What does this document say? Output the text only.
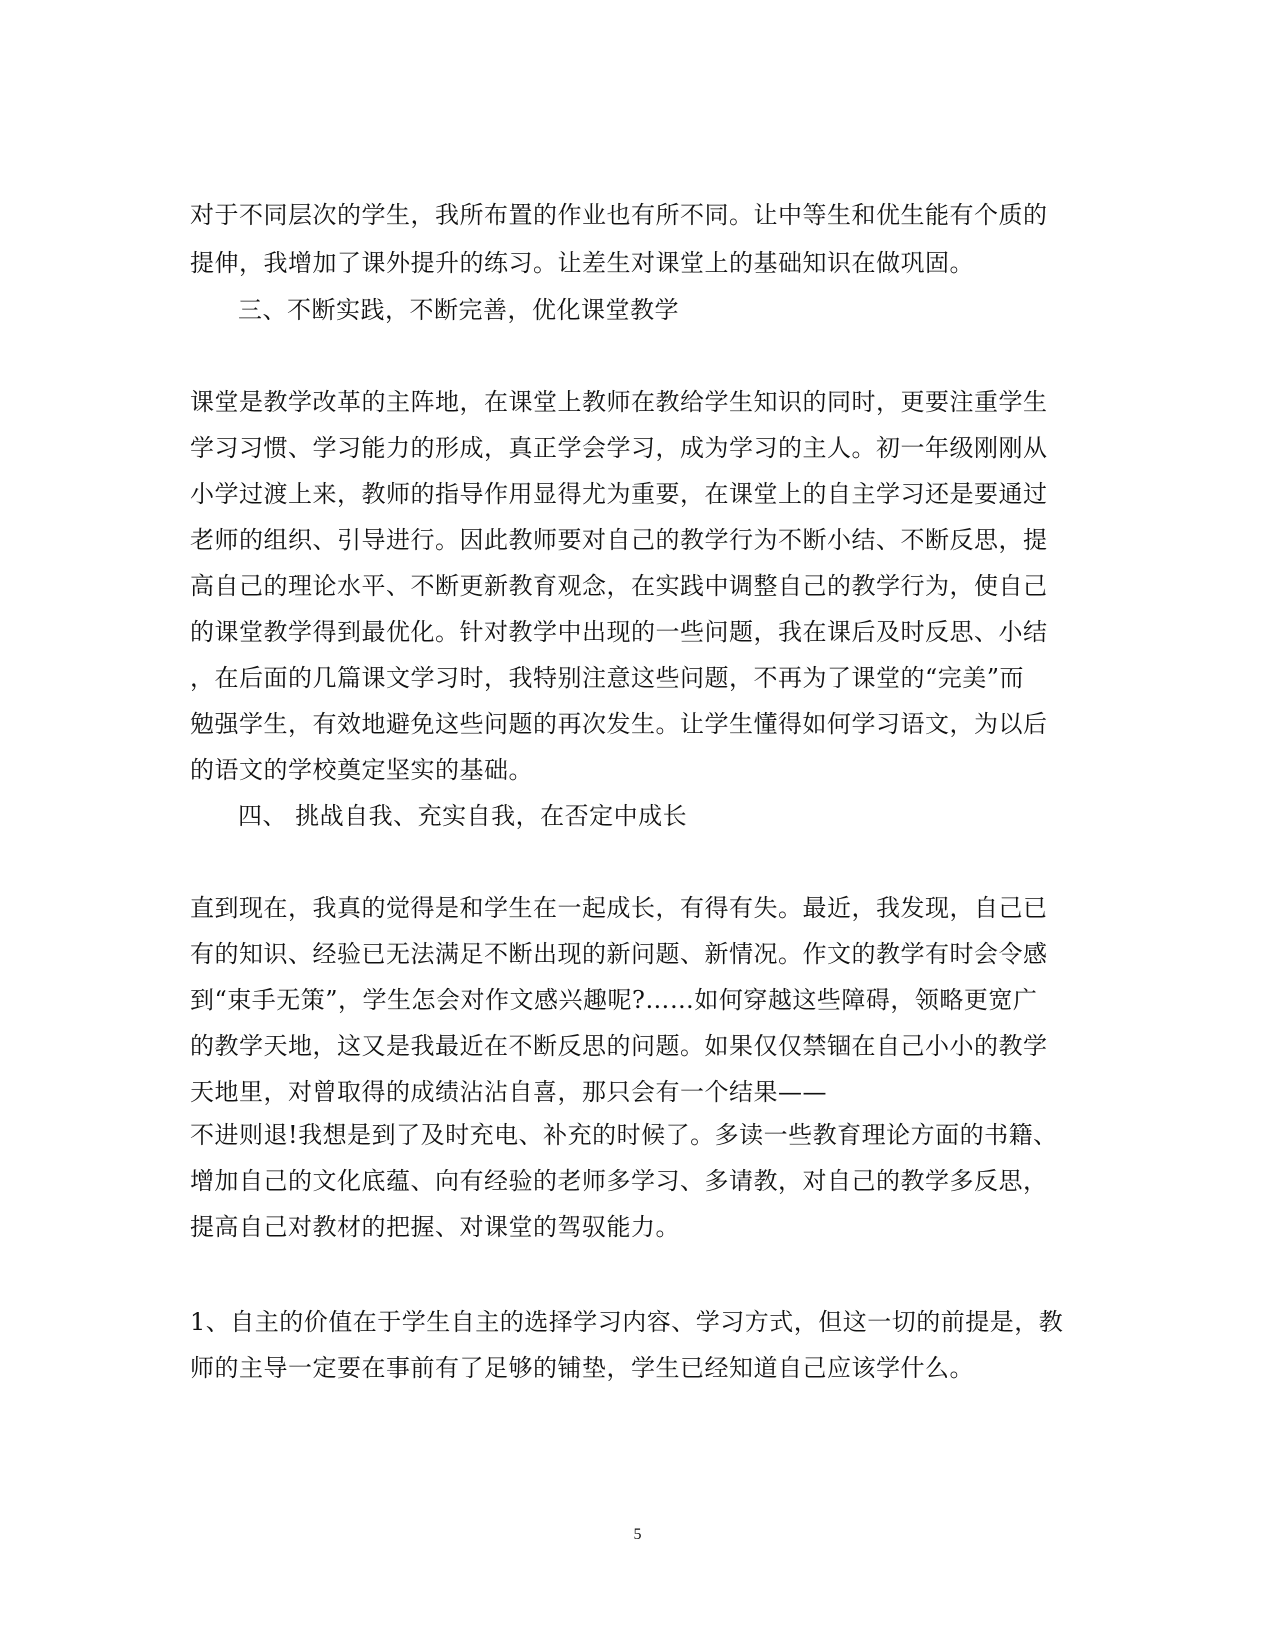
对于不同层次的学生，我所布置的作业也有所不同。让中等生和优生能有个质的
提伸，我增加了课外提升的练习。让差生对课堂上的基础知识在做巩固。
三、不断实践，不断完善，优化课堂教学
课堂是教学改革的主阵地，在课堂上教师在教给学生知识的同时，更要注重学生
学习习惯、学习能力的形成，真正学会学习，成为学习的主人。初一年级刚刚从
小学过渡上来，教师的指导作用显得尤为重要，在课堂上的自主学习还是要通过
老师的组织、引导进行。因此教师要对自己的教学行为不断小结、不断反思，提
高自己的理论水平、不断更新教育观念，在实践中调整自己的教学行为，使自己
的课堂教学得到最优化。针对教学中出现的一些问题，我在课后及时反思、小结
，在后面的几篇课文学习时，我特别注意这些问题，不再为了课堂的“完美”而
勉强学生，有效地避免这些问题的再次发生。让学生懂得如何学习语文，为以后
的语文的学校奠定坚实的基础。
四、 挑战自我、充实自我，在否定中成长
直到现在，我真的觉得是和学生在一起成长，有得有失。最近，我发现，自己已
有的知识、经验已无法满足不断出现的新问题、新情况。作文的教学有时会令感
到“束手无策”，学生怎会对作文感兴趣呢?……如何穿越这些障碍，领略更宽广
的教学天地，这又是我最近在不断反思的问题。如果仅仅禁锢在自己小小的教学
天地里，对曾取得的成绩沾沾自喜，那只会有一个结果——
不进则退!我想是到了及时充电、补充的时候了。多读一些教育理论方面的书籍、
增加自己的文化底蕴、向有经验的老师多学习、多请教，对自己的教学多反思，
提高自己对教材的把握、对课堂的驾驭能力。
1、自主的价值在于学生自主的选择学习内容、学习方式，但这一切的前提是，教
师的主导一定要在事前有了足够的铺垫，学生已经知道自己应该学什么。
5
